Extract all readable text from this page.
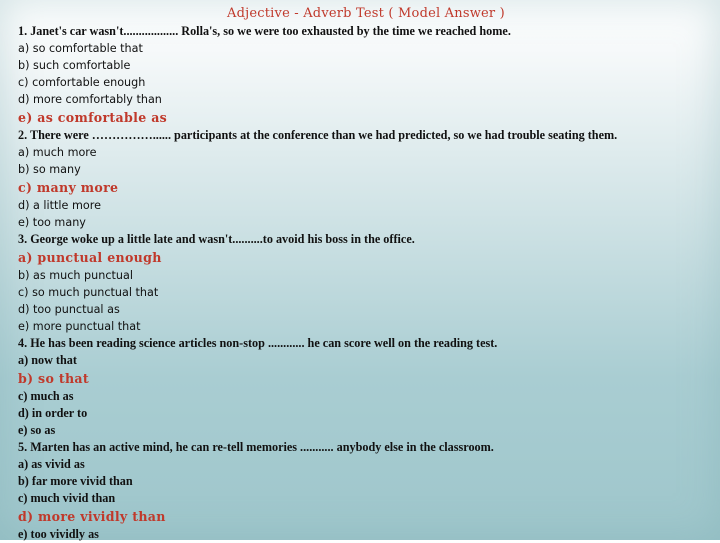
Adjective - Adverb Test ( Model Answer )
1. Janet's car wasn't.................. Rolla's, so we were too exhausted by the time we reached home.
a) so comfortable that
b) such comfortable
c) comfortable enough
d) more comfortably than
e) as comfortable as
2. There were ……………...... participants at the conference than we had predicted, so we had trouble seating them.
a) much more
b) so many
c) many more
d) a little more
e) too many
3. George woke up a little late and wasn't..........to avoid his boss in the office.
a) punctual enough
b) as much punctual
c) so much punctual that
d) too punctual as
e) more punctual that
4. He has been reading science articles non-stop ............ he can score well on the reading test.
a) now that
b) so that
c) much as
d) in order to
e) so as
5. Marten has an active mind, he can re-tell memories ........... anybody else in the classroom.
a) as vivid as
b) far more vivid than
c) much vivid than
d) more vividly than
e) too vividly as
